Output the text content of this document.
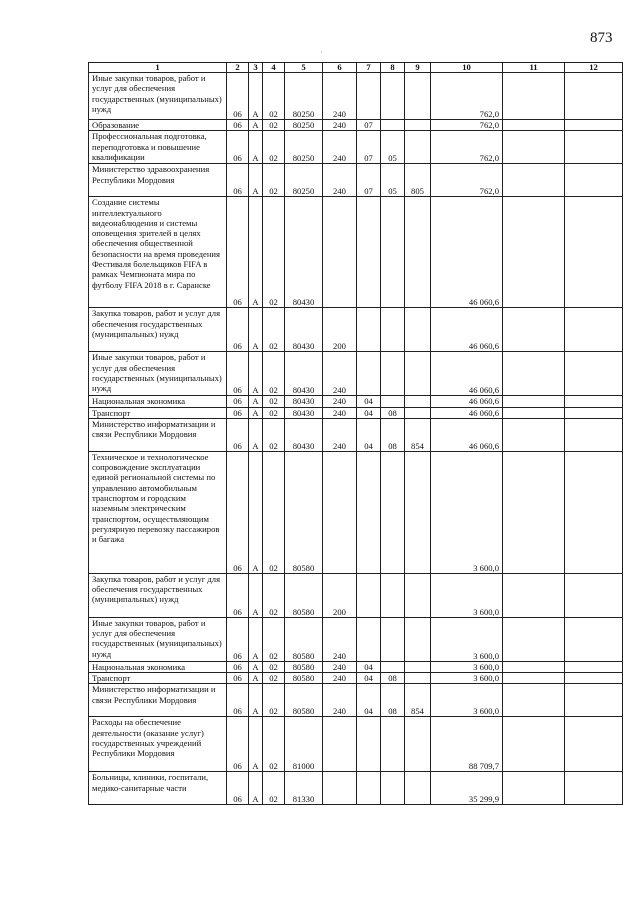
873
1	2	3	4	5	6	7	8	9	10	11	12
Иные закупки товаров, работ и услуг для обеспечения государственных (муниципальных) нужд	06	А	02	80250	240				762,0		
Образование	06	А	02	80250	240	07			762,0		
Профессиональная подготовка, переподготовка и повышение квалификации	06	А	02	80250	240	07	05		762,0		
Министерство здравоохранения Республики Мордовия	06	А	02	80250	240	07	05	805	762,0		
Создание системы интеллектуального видеонаблюдения и системы оповещения зрителей в целях обеспечения общественной безопасности на время проведения Фестиваля болельщиков FIFA в рамках Чемпионата мира по футболу FIFA 2018 в г. Саранске	06	А	02	80430					46 060,6		
Закупка товаров, работ и услуг для обеспечения государственных (муниципальных) нужд	06	А	02	80430	200				46 060,6		
Иные закупки товаров, работ и услуг для обеспечения государственных (муниципальных) нужд	06	А	02	80430	240				46 060,6		
Национальная экономика	06	А	02	80430	240	04			46 060,6		
Транспорт	06	А	02	80430	240	04	08		46 060,6		
Министерство информатизации и связи Республики Мордовия	06	А	02	80430	240	04	08	854	46 060,6		
Техническое и технологическое сопровождение эксплуатации единой региональной системы по управлению автомобильным транспортом и городским наземным электрическим транспортом, осуществляющим регулярную перевозку пассажиров и багажа	06	А	02	80580					3 600,0		
Закупка товаров, работ и услуг для обеспечения государственных (муниципальных) нужд	06	А	02	80580	200				3 600,0		
Иные закупки товаров, работ и услуг для обеспечения государственных (муниципальных) нужд	06	А	02	80580	240				3 600,0		
Национальная экономика	06	А	02	80580	240	04			3 600,0		
Транспорт	06	А	02	80580	240	04	08		3 600,0		
Министерство информатизации и связи Республики Мордовия	06	А	02	80580	240	04	08	854	3 600,0		
Расходы на обеспечение деятельности (оказание услуг) государственных учреждений Республики Мордовия	06	А	02	81000					88 709,7		
Больницы, клиники, госпитали, медико-санитарные части	06	А	02	81330					35 299,9		
·
